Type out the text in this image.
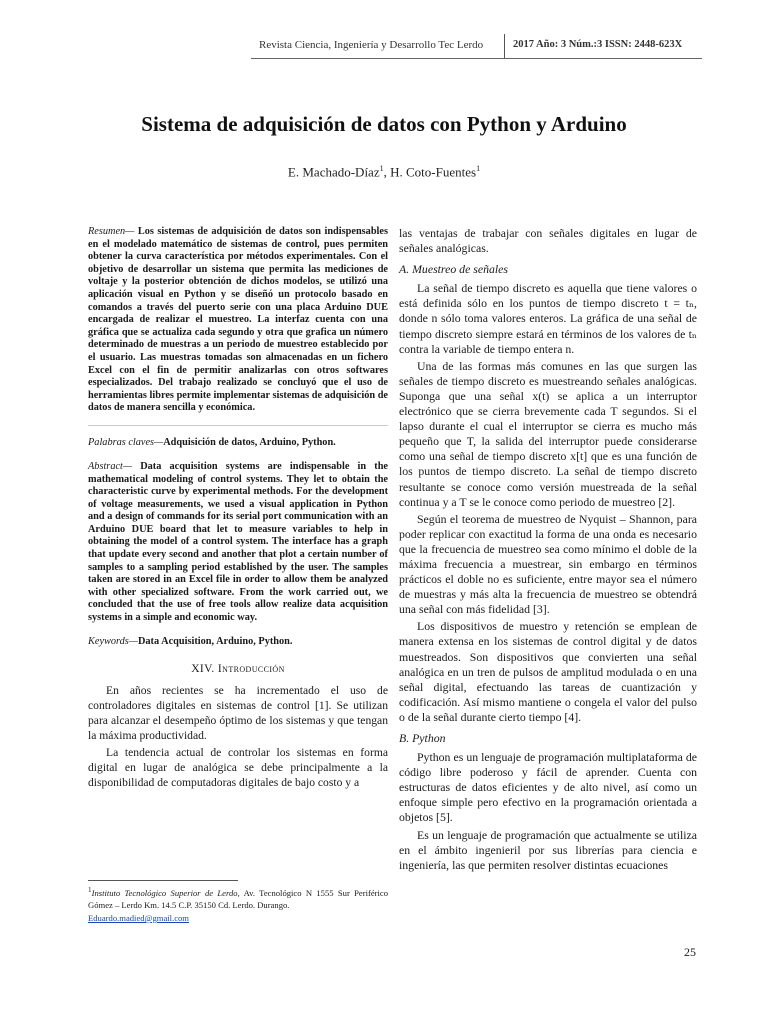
Revista Ciencia, Ingeniería y Desarrollo Tec Lerdo	2017 Año: 3 Núm.:3 ISSN: 2448-623X
Sistema de adquisición de datos con Python y Arduino
E. Machado-Díaz$^1$, H. Coto-Fuentes$^1$

Resumen— Los sistemas de adquisición de datos son indispensables en el modelado matemático de sistemas de control, pues permiten obtener la curva característica por métodos experimentales. Con el objetivo de desarrollar un sistema que permita las mediciones de voltaje y la posterior obtención de dichos modelos, se utilizó una aplicación visual en Python y se diseñó un protocolo basado en comandos a través del puerto serie con una placa Arduino DUE encargada de realizar el muestreo. La interfaz cuenta con una gráfica que se actualiza cada segundo y otra que grafica un número determinado de muestras a un periodo de muestreo establecido por el usuario. Las muestras tomadas son almacenadas en un fichero Excel con el fin de permitir analizarlas con otros softwares especializados. Del trabajo realizado se concluyó que el uso de herramientas libres permite implementar sistemas de adquisición de datos de manera sencilla y económica.

Palabras claves—Adquisición de datos, Arduino, Python.

Abstract— Data acquisition systems are indispensable in the mathematical modeling of control systems. They let to obtain the characteristic curve by experimental methods. For the development of voltage measurements, we used a visual application in Python and a design of commands for its serial port communication with an Arduino DUE board that let to measure variables to help in obtaining the model of a control system. The interface has a graph that update every second and another that plot a certain number of samples to a sampling period established by the user. The samples taken are stored in an Excel file in order to allow them be analyzed with other specialized software. From the work carried out, we concluded that the use of free tools allow realize data acquisition systems in a simple and economic way.

Keywords—Data Acquisition, Arduino, Python.

XIV. Introducción

En años recientes se ha incrementado el uso de controladores digitales en sistemas de control [1]. Se utilizan para alcanzar el desempeño óptimo de los sistemas y que tengan la máxima productividad.

La tendencia actual de controlar los sistemas en forma digital en lugar de analógica se debe principalmente a la disponibilidad de computadoras digitales de bajo costo y a

las ventajas de trabajar con señales digitales en lugar de señales analógicas.

A. Muestreo de señales

La señal de tiempo discreto es aquella que tiene valores o está definida sólo en los puntos de tiempo discreto t = tₙ, donde n sólo toma valores enteros. La gráfica de una señal de tiempo discreto siempre estará en términos de los valores de tₙ contra la variable de tiempo entera n.

Una de las formas más comunes en las que surgen las señales de tiempo discreto es muestreando señales analógicas. Suponga que una señal x(t) se aplica a un interruptor electrónico que se cierra brevemente cada T segundos. Si el lapso durante el cual el interruptor se cierra es mucho más pequeño que T, la salida del interruptor puede considerarse como una señal de tiempo discreto x[t] que es una función de los puntos de tiempo discreto. La señal de tiempo discreto resultante se conoce como versión muestreada de la señal continua y a T se le conoce como periodo de muestreo [2].

Según el teorema de muestreo de Nyquist – Shannon, para poder replicar con exactitud la forma de una onda es necesario que la frecuencia de muestreo sea como mínimo el doble de la máxima frecuencia a muestrear, sin embargo en términos prácticos el doble no es suficiente, entre mayor sea el número de muestras y más alta la frecuencia de muestreo se obtendrá una señal con más fidelidad [3].

Los dispositivos de muestro y retención se emplean de manera extensa en los sistemas de control digital y de datos muestreados. Son dispositivos que convierten una señal analógica en un tren de pulsos de amplitud modulada o en una señal digital, efectuando las tareas de cuantización y codificación. Así mismo mantiene o congela el valor del pulso o de la señal durante cierto tiempo [4].

B. Python

Python es un lenguaje de programación multiplataforma de código libre poderoso y fácil de aprender. Cuenta con estructuras de datos eficientes y de alto nivel, así como un enfoque simple pero efectivo en la programación orientada a objetos [5].

Es un lenguaje de programación que actualmente se utiliza en el ámbito ingenieril por sus librerías para ciencia e ingeniería, las que permiten resolver distintas ecuaciones

$^1$Instituto Tecnológico Superior de Lerdo, Av. Tecnológico N 1555 Sur Periférico Gómez – Lerdo Km. 14.5 C.P. 35150 Cd. Lerdo. Durango.
Eduardo.madied@gmail.com
25
